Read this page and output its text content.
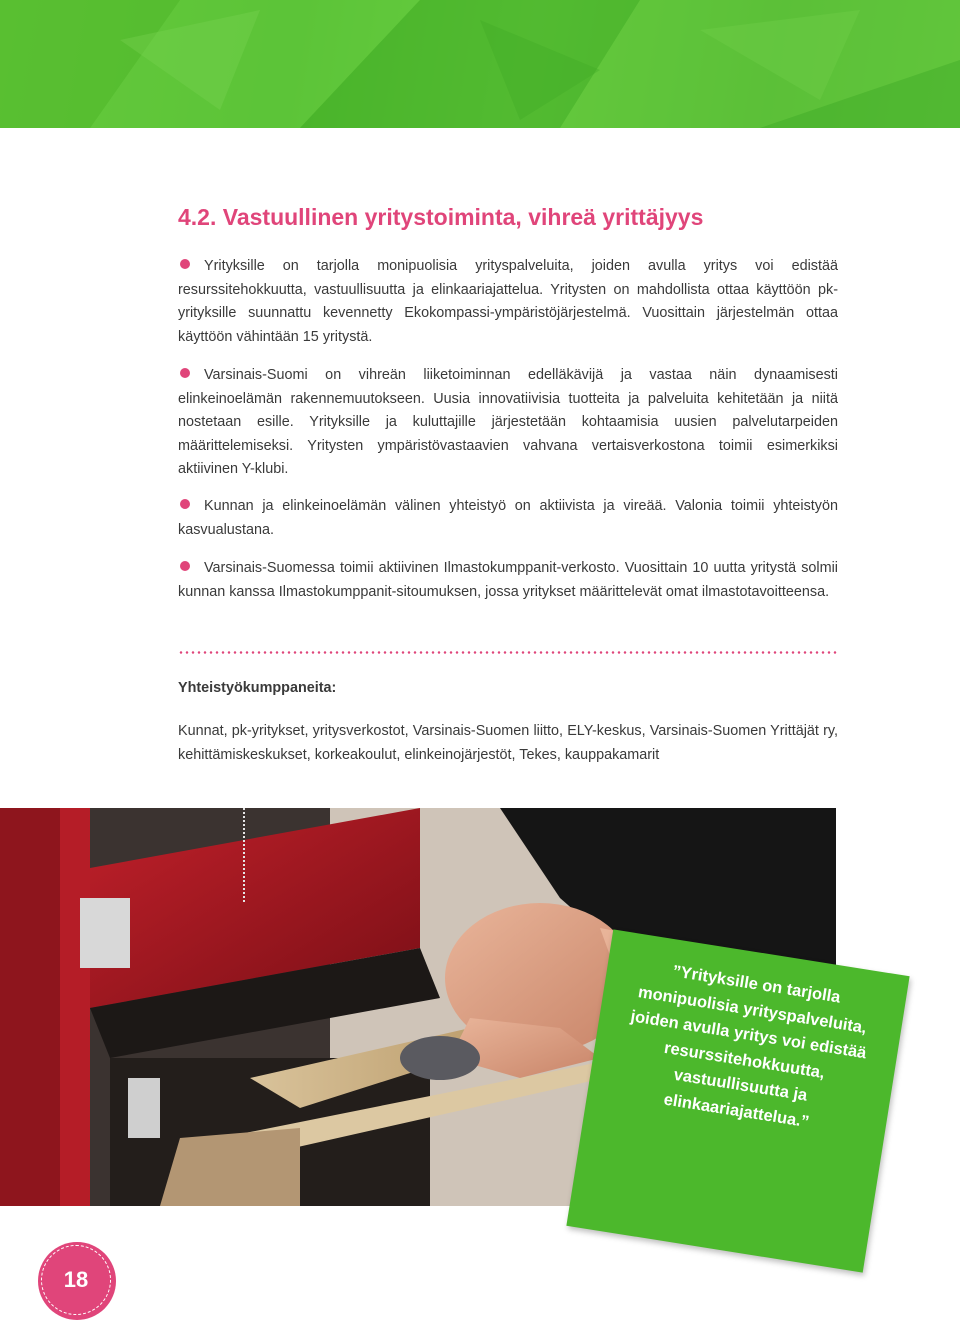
4.2. Vastuullinen yritystoiminta, vihreä yrittäjyys
Yrityksille on tarjolla monipuolisia yrityspalveluita, joiden avulla yritys voi edistää resurssitehokkuutta, vastuullisuutta ja elinkaariajattelua. Yritysten on mahdollista ottaa käyttöön pk-yrityksille suunnattu kevennetty Ekokompassi-ympäristöjärjestelmä. Vuosittain järjestelmän ottaa käyttöön vähintään 15 yritystä.
Varsinais-Suomi on vihreän liiketoiminnan edelläkävijä ja vastaa näin dynaamisesti elinkeinoelämän rakennemuutokseen. Uusia innovatiivisia tuotteita ja palveluita kehitetään ja niitä nostetaan esille. Yrityksille ja kuluttajille järjestetään kohtaamisia uusien palvelutarpeiden määrittelemiseksi. Yritysten ympäristövastaavien vahvana vertaisverkostona toimii esimerkiksi aktiivinen Y-klubi.
Kunnan ja elinkeinoelämän välinen yhteistyö on aktiivista ja vireää. Valonia toimii yhteistyön kasvualustana.
Varsinais-Suomessa toimii aktiivinen Ilmastokumppanit-verkosto. Vuosittain 10 uutta yritystä solmii kunnan kanssa Ilmastokumppanit-sitoumuksen, jossa yritykset määrittelevät omat ilmastotavoitteensa.
Yhteistyökumppaneita:
Kunnat, pk-yritykset, yritysverkostot, Varsinais-Suomen liitto, ELY-keskus, Varsinais-Suomen Yrittäjät ry, kehittämiskeskukset, korkeakoulut, elinkeinojärjestöt, Tekes, kauppakamarit
”Yrityksille on tarjolla monipuolisia yrityspalveluita, joiden avulla yritys voi edistää resurssitehokkuutta, vastuullisuutta ja elinkaariajattelua.”
18
